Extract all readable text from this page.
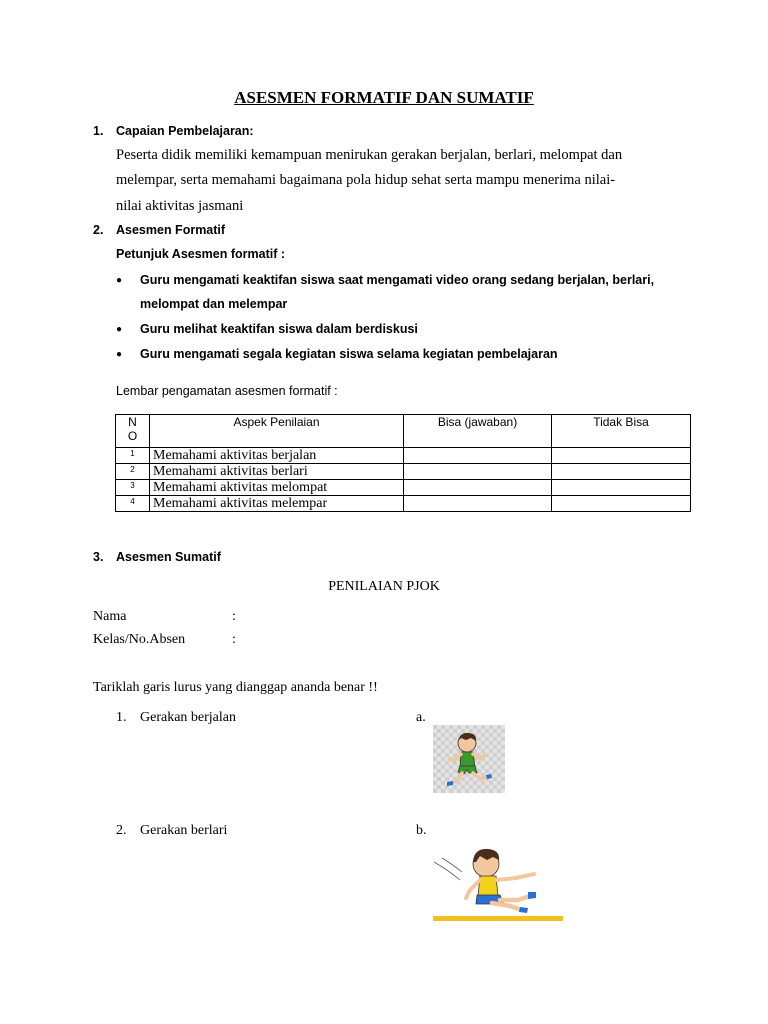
ASESMEN FORMATIF DAN SUMATIF
1. Capaian Pembelajaran:
Peserta didik memiliki kemampuan menirukan gerakan berjalan, berlari, melompat dan
melempar, serta memahami bagaimana pola hidup sehat serta mampu menerima nilai-
nilai aktivitas jasmani
2. Asesmen Formatif
Petunjuk Asesmen formatif :
● Guru mengamati keaktifan siswa saat mengamati video orang sedang berjalan, berlari,
melompat dan melempar
● Guru melihat keaktifan siswa dalam berdiskusi
● Guru mengamati segala kegiatan siswa selama kegiatan pembelajaran
Lembar pengamatan asesmen formatif :
N
O	Aspek Penilaian	Bisa (jawaban)	Tidak Bisa
1	Memahami aktivitas berjalan		
2	Memahami aktivitas berlari		
3	Memahami aktivitas melompat		
4	Memahami aktivitas melempar		
3. Asesmen Sumatif
PENILAIAN PJOK
Nama	:
Kelas/No.Absen	:
Tariklah garis lurus yang dianggap ananda benar !!
1. Gerakan berjalan	a.
2. Gerakan berlari	b.
